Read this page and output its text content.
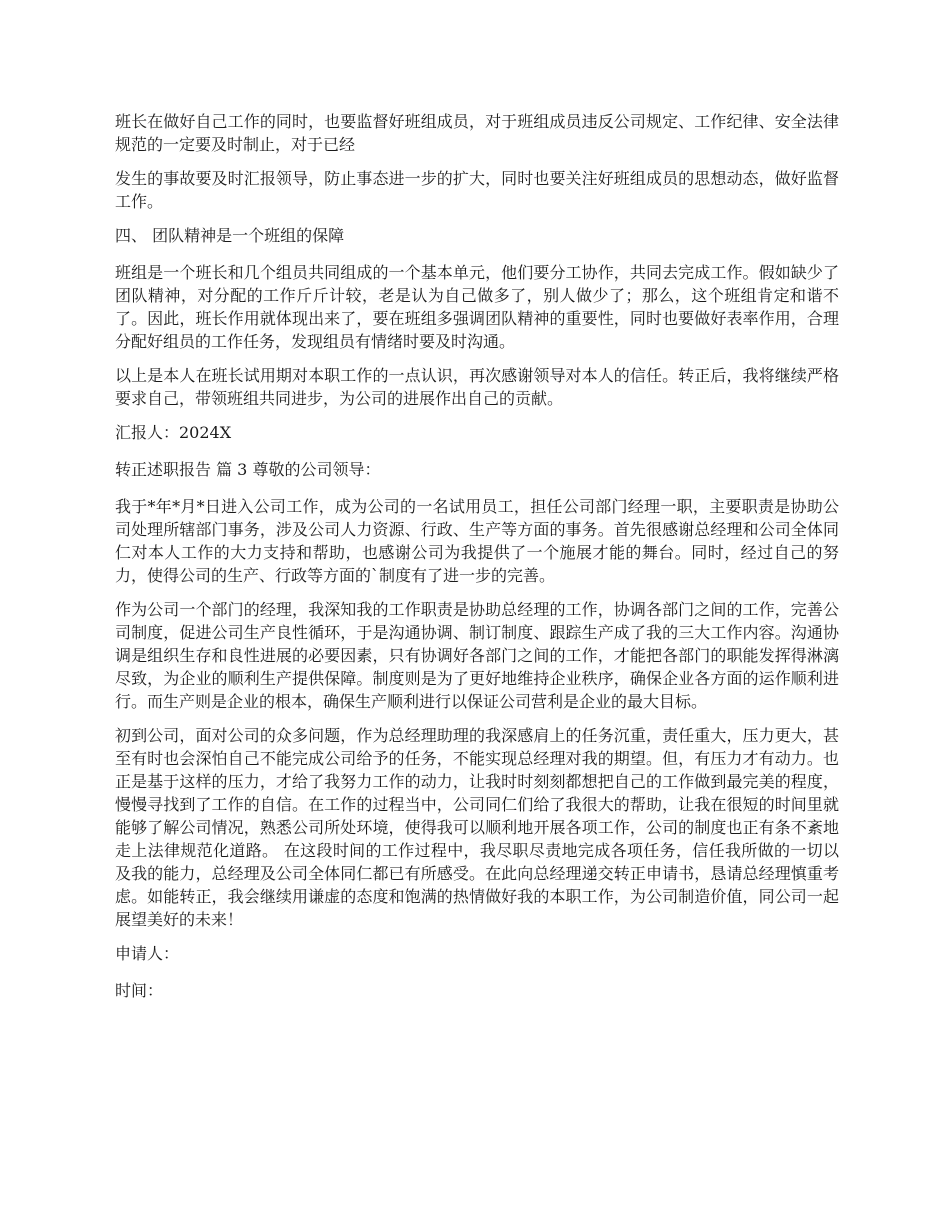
班长在做好自己工作的同时，也要监督好班组成员，对于班组成员违反公司规定、工作纪律、安全法律规范的一定要及时制止，对于已经

发生的事故要及时汇报领导，防止事态进一步的扩大，同时也要关注好班组成员的思想动态，做好监督工作。

四、 团队精神是一个班组的保障

班组是一个班长和几个组员共同组成的一个基本单元，他们要分工协作，共同去完成工作。假如缺少了团队精神，对分配的工作斤斤计较，老是认为自己做多了，别人做少了；那么，这个班组肯定和谐不了。因此，班长作用就体现出来了，要在班组多强调团队精神的重要性，同时也要做好表率作用，合理分配好组员的工作任务，发现组员有情绪时要及时沟通。

以上是本人在班长试用期对本职工作的一点认识，再次感谢领导对本人的信任。转正后，我将继续严格要求自己，带领班组共同进步，为公司的进展作出自己的贡献。

汇报人：2024X

转正述职报告 篇 3 尊敬的公司领导：

我于*年*月*日进入公司工作，成为公司的一名试用员工，担任公司部门经理一职，主要职责是协助公司处理所辖部门事务，涉及公司人力资源、行政、生产等方面的事务。首先很感谢总经理和公司全体同仁对本人工作的大力支持和帮助，也感谢公司为我提供了一个施展才能的舞台。同时，经过自己的努力，使得公司的生产、行政等方面的`制度有了进一步的完善。

作为公司一个部门的经理，我深知我的工作职责是协助总经理的工作，协调各部门之间的工作，完善公司制度，促进公司生产良性循环，于是沟通协调、制订制度、跟踪生产成了我的三大工作内容。沟通协调是组织生存和良性进展的必要因素，只有协调好各部门之间的工作，才能把各部门的职能发挥得淋漓尽致，为企业的顺利生产提供保障。制度则是为了更好地维持企业秩序，确保企业各方面的运作顺利进行。而生产则是企业的根本，确保生产顺利进行以保证公司营利是企业的最大目标。

初到公司，面对公司的众多问题，作为总经理助理的我深感肩上的任务沉重，责任重大，压力更大，甚至有时也会深怕自己不能完成公司给予的任务，不能实现总经理对我的期望。但，有压力才有动力。也正是基于这样的压力，才给了我努力工作的动力，让我时时刻刻都想把自己的工作做到最完美的程度，慢慢寻找到了工作的自信。在工作的过程当中，公司同仁们给了我很大的帮助，让我在很短的时间里就能够了解公司情况，熟悉公司所处环境，使得我可以顺利地开展各项工作，公司的制度也正有条不紊地走上法律规范化道路。 在这段时间的工作过程中，我尽职尽责地完成各项任务，信任我所做的一切以及我的能力，总经理及公司全体同仁都已有所感受。在此向总经理递交转正申请书，恳请总经理慎重考虑。如能转正，我会继续用谦虚的态度和饱满的热情做好我的本职工作，为公司制造价值，同公司一起展望美好的未来！

申请人：

时间：
